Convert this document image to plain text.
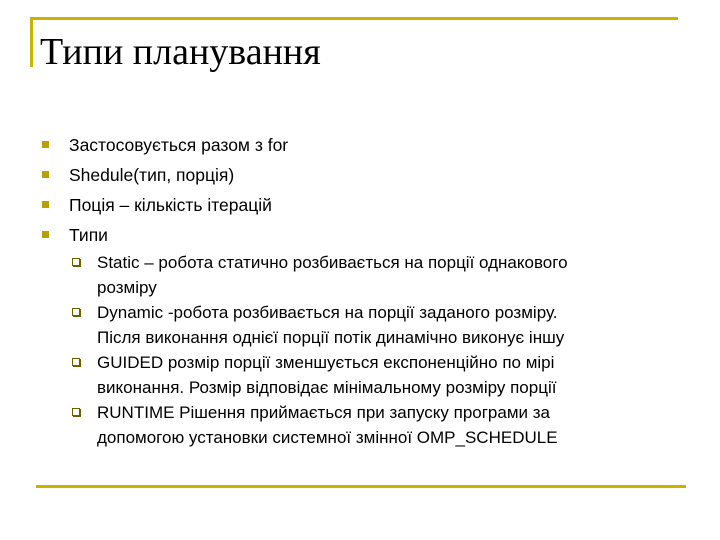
Типи планування
Застосовується разом з for
Shedule(тип, порція)
Поція – кількість ітерацій
Типи
Static – робота статично розбивається на порції однакового
розміру
Dynamic -робота розбивається на порції заданого розміру.
Після виконання однієї порції потік динамічно виконує іншу
GUIDED розмір порції зменшується експоненційно по мірі
виконання. Розмір відповідає мінімальному розміру порції
RUNTIME Рішення приймається при запуску програми за
допомогою установки системної змінної OMP_SCHEDULE
